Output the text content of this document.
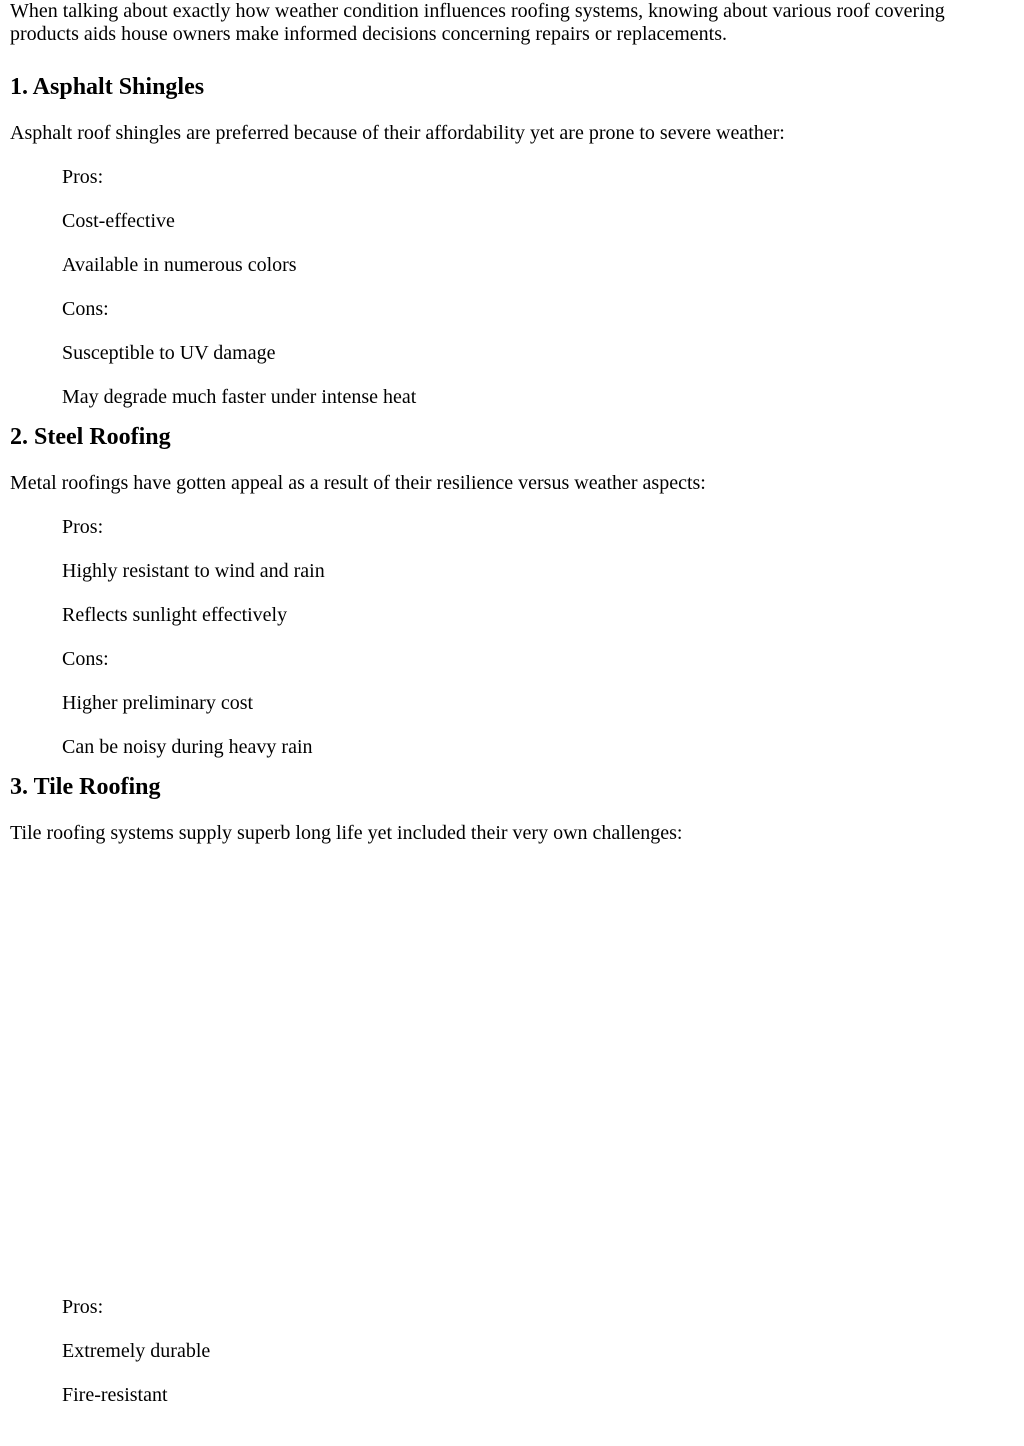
When talking about exactly how weather condition influences roofing systems, knowing about various roof covering products aids house owners make informed decisions concerning repairs or replacements.

1. Asphalt Shingles

Asphalt roof shingles are preferred because of their affordability yet are prone to severe weather:

Pros:
Cost-effective
Available in numerous colors
Cons:
Susceptible to UV damage
May degrade much faster under intense heat
2. Steel Roofing

Metal roofings have gotten appeal as a result of their resilience versus weather aspects:

Pros:
Highly resistant to wind and rain
Reflects sunlight effectively
Cons:
Higher preliminary cost
Can be noisy during heavy rain
3. Tile Roofing

Tile roofing systems supply superb long life yet included their very own challenges:

Pros:
Extremely durable
Fire-resistant
